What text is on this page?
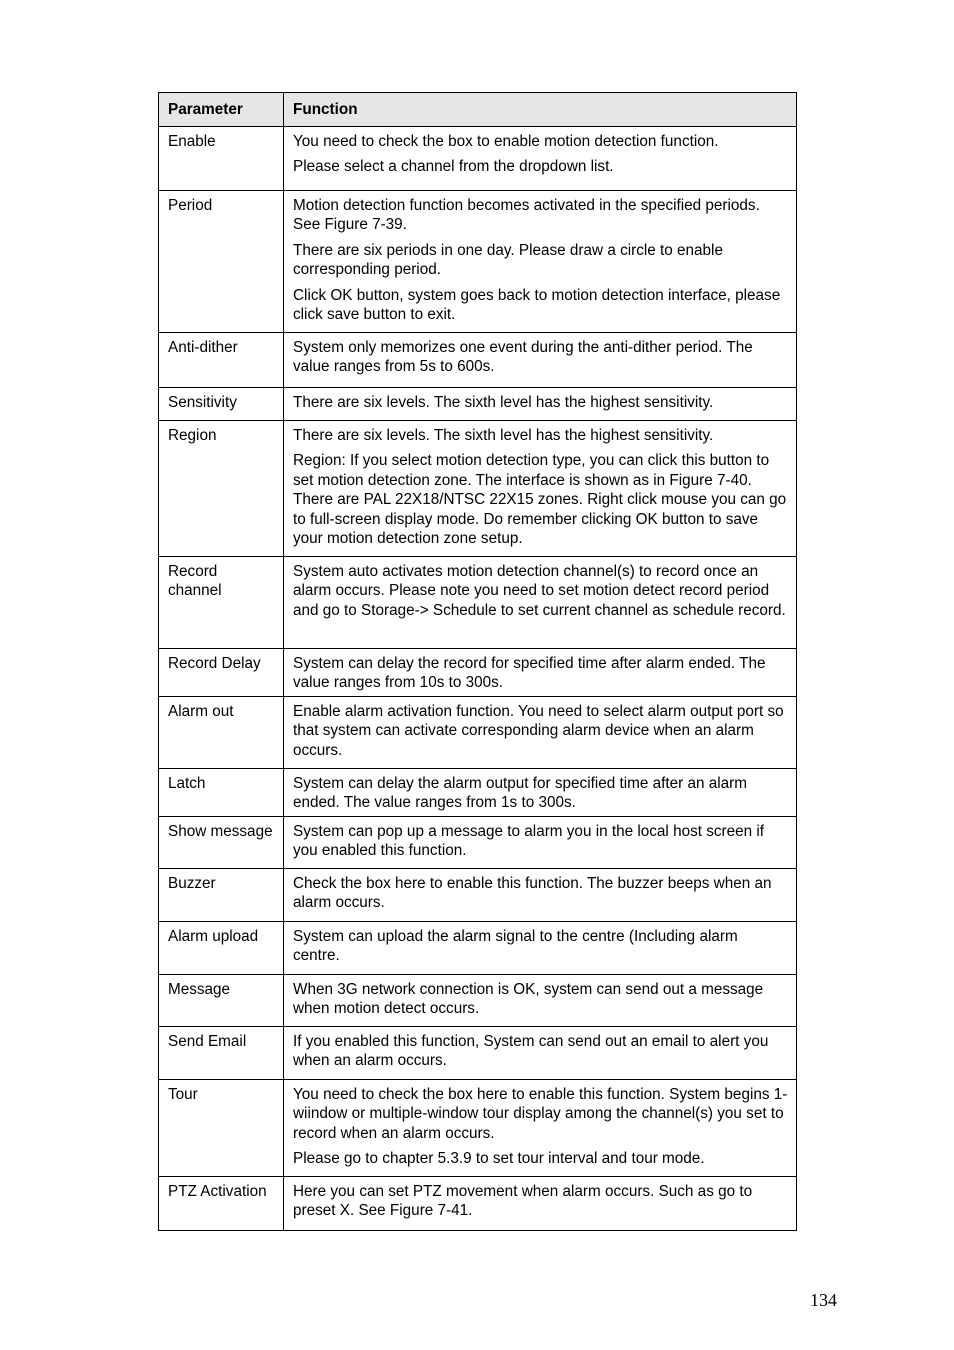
Parameter	Function
Enable	You need to check the box to enable motion detection function.

Please select a channel from the dropdown list.

Period	Motion detection function becomes activated in the specified periods. See Figure 7-39.

There are six periods in one day. Please draw a circle to enable corresponding period.

Click OK button, system goes back to motion detection interface, please click save button to exit.

Anti-dither	System only memorizes one event during the anti-dither period. The value ranges from 5s to 600s.

Sensitivity	There are six levels. The sixth level has the highest sensitivity.

Region	There are six levels. The sixth level has the highest sensitivity.

Region: If you select motion detection type, you can click this button to set motion detection zone. The interface is shown as in Figure 7-40. There are PAL 22X18/NTSC 22X15 zones. Right click mouse you can go to full-screen display mode. Do remember clicking OK button to save your motion detection zone setup.

Record channel	System auto activates motion detection channel(s) to record once an alarm occurs. Please note you need to set motion detect record period and go to Storage-> Schedule to set current channel as schedule record.

Record Delay	System can delay the record for specified time after alarm ended. The value ranges from 10s to 300s.

Alarm out	Enable alarm activation function. You need to select alarm output port so that system can activate corresponding alarm device when an alarm occurs.

Latch	System can delay the alarm output for specified time after an alarm ended. The value ranges from 1s to 300s.

Show message	System can pop up a message to alarm you in the local host screen if you enabled this function.

Buzzer	Check the box here to enable this function. The buzzer beeps when an alarm occurs.

Alarm upload	System can upload the alarm signal to the centre (Including alarm centre.

Message	When 3G network connection is OK, system can send out a message when motion detect occurs.

Send Email	If you enabled this function, System can send out an email to alert you when an alarm occurs.

Tour	You need to check the box here to enable this function. System begins 1-wiindow or multiple-window tour display among the channel(s) you set to record when an alarm occurs.

Please go to chapter 5.3.9 to set tour interval and tour mode.

PTZ Activation	Here you can set PTZ movement when alarm occurs. Such as go to preset X. See Figure 7-41.

134
